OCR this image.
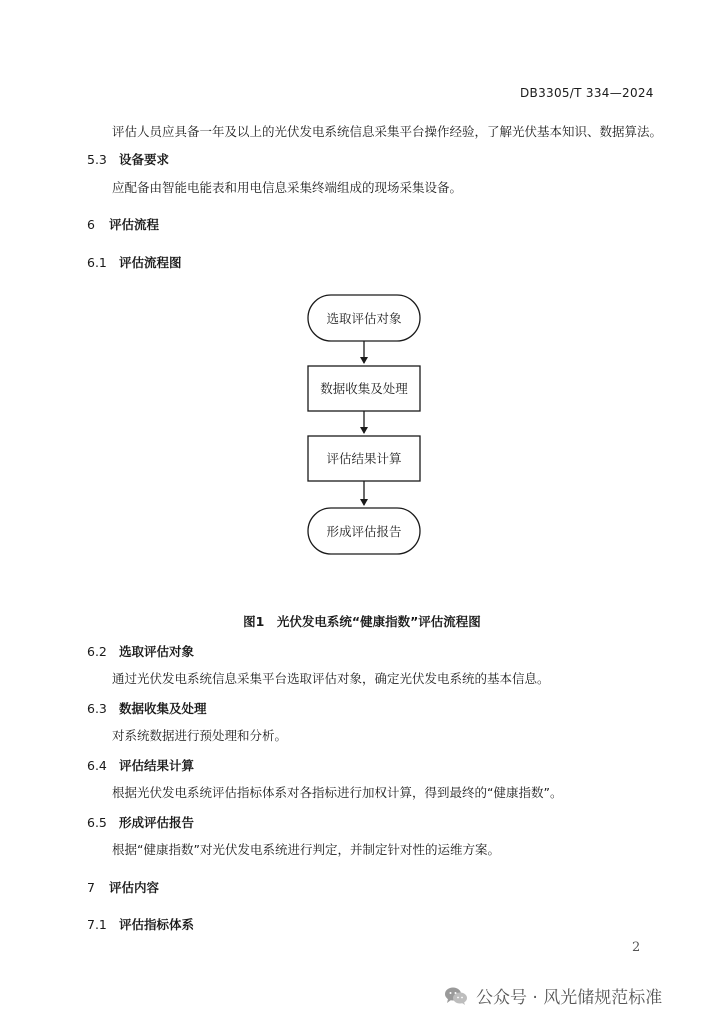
DB3305/T 334—2024
评估人员应具备一年及以上的光伏发电系统信息采集平台操作经验，了解光伏基本知识、数据算法。
5.3 设备要求
应配备由智能电能表和用电信息采集终端组成的现场采集设备。
6 评估流程
6.1 评估流程图
选取评估对象
数据收集及处理
评估结果计算
形成评估报告
图1　光伏发电系统“健康指数”评估流程图
6.2 选取评估对象
通过光伏发电系统信息采集平台选取评估对象，确定光伏发电系统的基本信息。
6.3 数据收集及处理
对系统数据进行预处理和分析。
6.4 评估结果计算
根据光伏发电系统评估指标体系对各指标进行加权计算，得到最终的“健康指数”。
6.5 形成评估报告
根据“健康指数”对光伏发电系统进行判定，并制定针对性的运维方案。
7 评估内容
7.1 评估指标体系
2
公众号 · 风光储规范标准
